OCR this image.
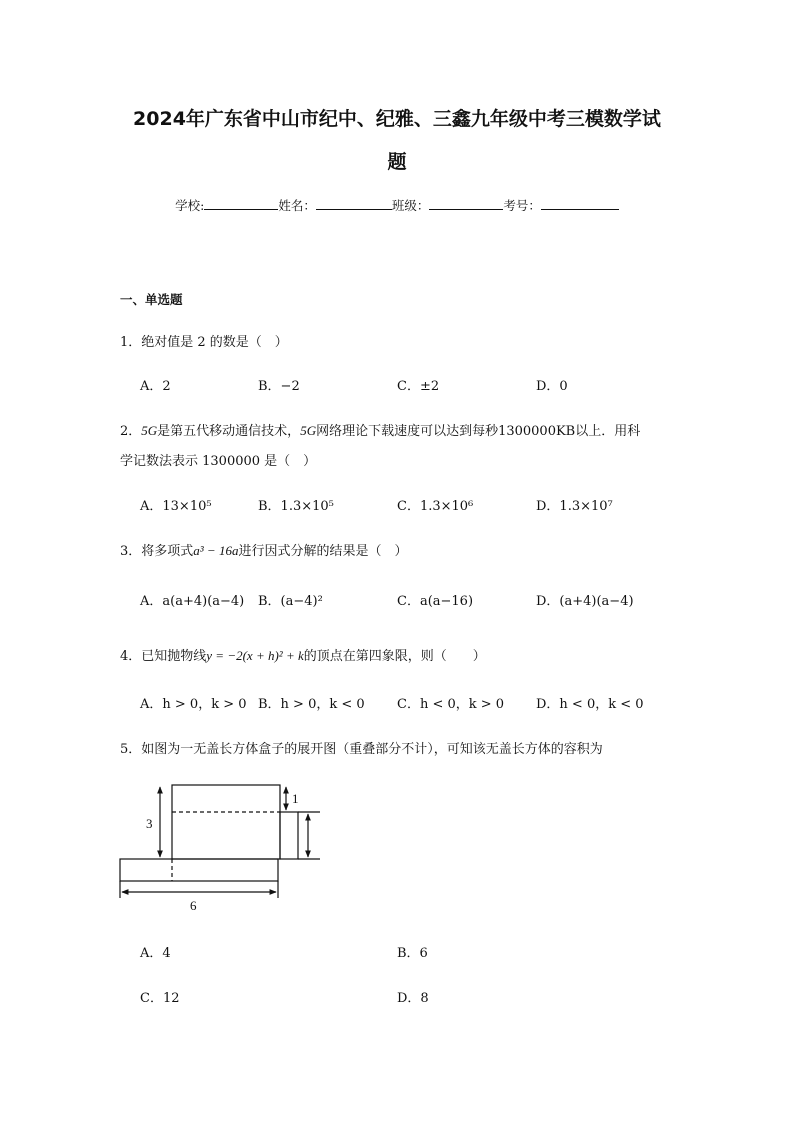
2024年广东省中山市纪中、纪雅、三鑫九年级中考三模数学试
题
学校:	姓名：	班级：	考号：
一、单选题
1．绝对值是 2 的数是（　）
A．2	B．−2	C．±2	D．0
2．5G是第五代移动通信技术，5G网络理论下载速度可以达到每秒1300000KB以上．用科
学记数法表示 1300000 是（　）
A．13×10⁵	B．1.3×10⁵	C．1.3×10⁶	D．1.3×10⁷
3．将多项式a³ − 16a进行因式分解的结果是（　）
A．a(a+4)(a−4) B．(a−4)²	C．a(a−16)	D．(a+4)(a−4)
4．已知抛物线y = −2(x + h)² + k的顶点在第四象限，则（　　）
A．h > 0，k > 0 B．h > 0，k < 0 C．h < 0，k > 0 D．h < 0，k < 0
5．如图为一无盖长方体盒子的展开图（重叠部分不计），可知该无盖长方体的容积为
3
1
6
A．4	B．6
C．12	D．8
